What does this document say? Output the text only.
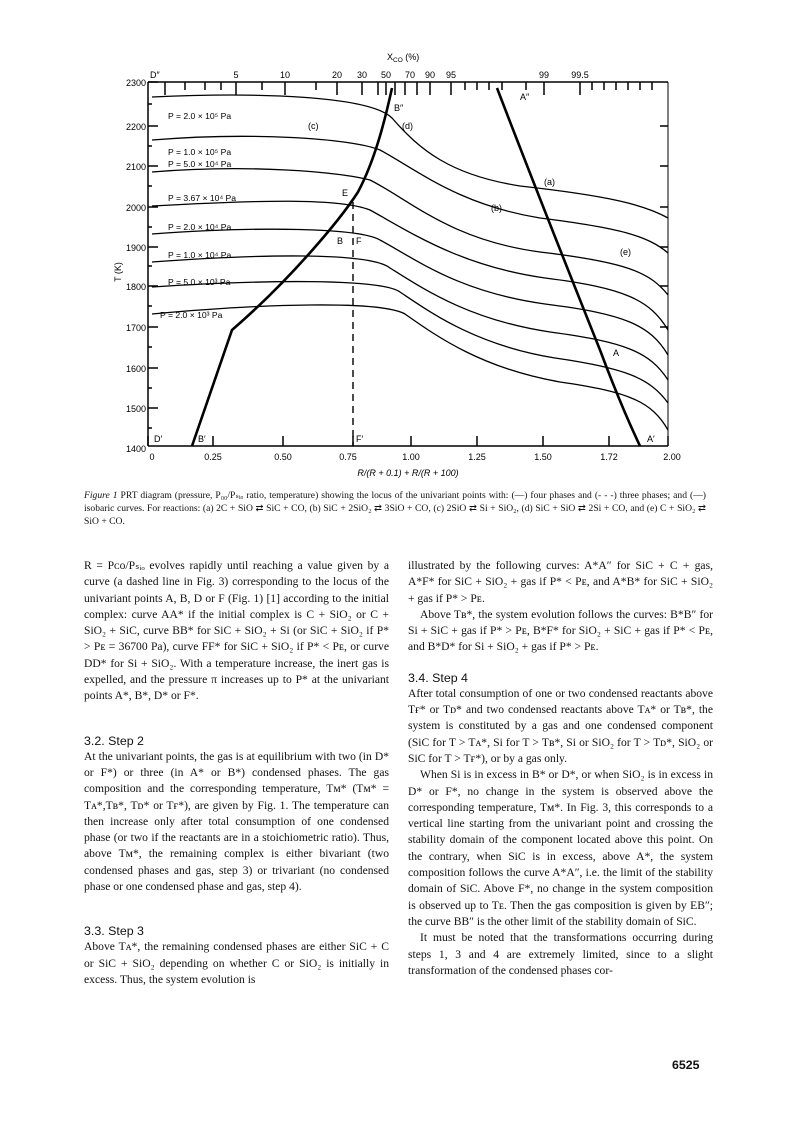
$X_{CO}$ (%)
5	10	20 30 50 70 90 95	99 99.5
0	0.25	0.50	0.75	1.00	1.25	1.50	1.72	2.00
R/(R + 0.1) + R/(R + 100)
2300
2200
2100
2000
1900
1800
1700
1600
1500
1400
T (K)
P = 2.0 × 10⁵ Pa
P = 1.0 × 10⁵ Pa
P = 5.0 × 10⁴ Pa
P = 3.67 × 10⁴ Pa
P = 2.0 × 10⁴ Pa
P = 1.0 × 10⁴ Pa
P = 5.0 × 10³ Pa
P = 2.0 × 10³ Pa
D″
B″
A″
E
B F
A
D′	B′	F′	A′
(c)	(d)
(a)
(b)
(e)
Figure 1 PRT diagram (pressure, P₀₀/Pₛᵢₒ ratio, temperature) showing the locus of the univariant points with: (—) four phases and (- - -) three phases; and (—) isobaric curves. For reactions: (a) 2C + SiO ⇄ SiC + CO, (b) SiC + 2SiO₂ ⇄ 3SiO + CO, (c) 2SiO ⇄ Si + SiO₂, (d) SiC + SiO ⇄ 2Si + CO, and (e) C + SiO₂ ⇄ SiO + CO.

R = Pᴄᴏ/Pₛᵢₒ evolves rapidly until reaching a value given by a curve (a dashed line in Fig. 3) corresponding to the locus of the univariant points A, B, D or F (Fig. 1) [1] according to the initial complex: curve AA* if the initial complex is C + SiO₂ or C + SiO₂ + SiC, curve BB* for SiC + SiO₂ + Si (or SiC + SiO₂ if P* > Pᴇ = 36700 Pa), curve FF* for SiC + SiO₂ if P* < Pᴇ, or curve DD* for Si + SiO₂. With a temperature increase, the inert gas is expelled, and the pressure π increases up to P* at the univariant points A*, B*, D* or F*.

3.2. Step 2

At the univariant points, the gas is at equilibrium with two (in D* or F*) or three (in A* or B*) condensed phases. The gas composition and the corresponding temperature, Tᴍ* (Tᴍ* = Tᴀ*,Tʙ*, Tᴅ* or Tғ*), are given by Fig. 1. The temperature can then increase only after total consumption of one condensed phase (or two if the reactants are in a stoichiometric ratio). Thus, above Tᴍ*, the remaining complex is either bivariant (two condensed phases and gas, step 3) or trivariant (no condensed phase or one condensed phase and gas, step 4).

3.3. Step 3

Above Tᴀ*, the remaining condensed phases are either SiC + C or SiC + SiO₂ depending on whether C or SiO₂ is initially in excess. Thus, the system evolution is

illustrated by the following curves: A*A″ for SiC + C + gas, A*F* for SiC + SiO₂ + gas if P* < Pᴇ, and A*B* for SiC + SiO₂ + gas if P* > Pᴇ.

Above Tʙ*, the system evolution follows the curves: B*B″ for Si + SiC + gas if P* > Pᴇ, B*F* for SiO₂ + SiC + gas if P* < Pᴇ, and B*D* for Si + SiO₂ + gas if P* > Pᴇ.

3.4. Step 4

After total consumption of one or two condensed reactants above Tғ* or Tᴅ* and two condensed reactants above Tᴀ* or Tʙ*, the system is constituted by a gas and one condensed component (SiC for T > Tᴀ*, Si for T > Tʙ*, Si or SiO₂ for T > Tᴅ*, SiO₂ or SiC for T > Tғ*), or by a gas only.

When Si is in excess in B* or D*, or when SiO₂ is in excess in D* or F*, no change in the system is observed above the corresponding temperature, Tᴍ*. In Fig. 3, this corresponds to a vertical line starting from the univariant point and crossing the stability domain of the component located above this point. On the contrary, when SiC is in excess, above A*, the system composition follows the curve A*A″, i.e. the limit of the stability domain of SiC. Above F*, no change in the system composition is observed up to Tᴇ. Then the gas composition is given by EB″; the curve BB″ is the other limit of the stability domain of SiC.

It must be noted that the transformations occurring during steps 1, 3 and 4 are extremely limited, since to a slight transformation of the condensed phases cor-

6525
